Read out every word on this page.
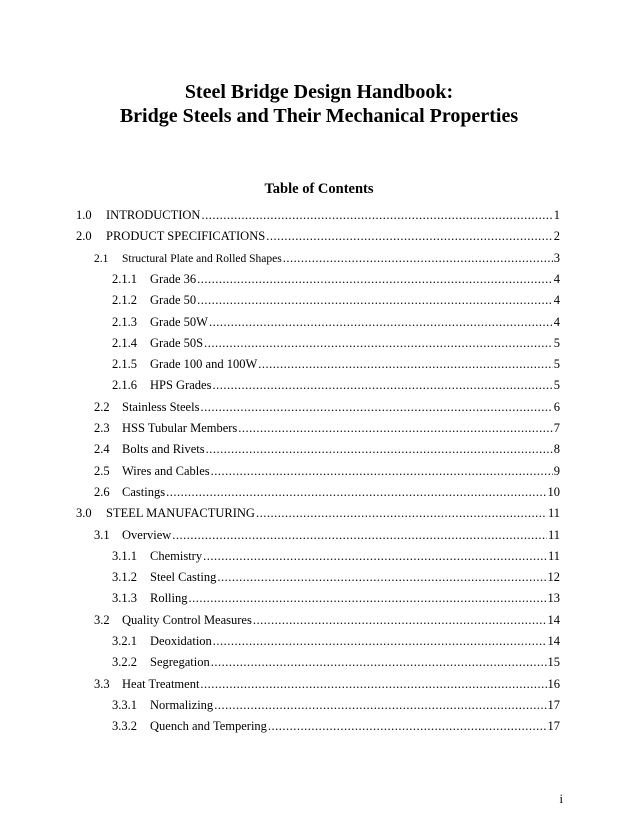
Steel Bridge Design Handbook:
Bridge Steels and Their Mechanical Properties
Table of Contents
1.0	INTRODUCTION .....	1
2.0	PRODUCT SPECIFICATIONS .....	2
2.1	Structural Plate and Rolled Shapes .....	3
2.1.1	Grade 36 .....	4
2.1.2	Grade 50 .....	4
2.1.3	Grade 50W .....	4
2.1.4	Grade 50S .....	5
2.1.5	Grade 100 and 100W .....	5
2.1.6	HPS Grades .....	5
2.2 Stainless Steels .....	6
2.3 HSS Tubular Members .....	7
2.4 Bolts and Rivets .....	8
2.5 Wires and Cables .....	9
2.6 Castings .....	10
3.0	STEEL MANUFACTURING .....	11
3.1 Overview .....	11
3.1.1	Chemistry .....	11
3.1.2	Steel Casting .....	12
3.1.3	Rolling .....	13
3.2 Quality Control Measures .....	14
3.2.1	Deoxidation .....	14
3.2.2	Segregation .....	15
3.3 Heat Treatment .....	16
3.3.1	Normalizing .....	17
3.3.2	Quench and Tempering .....	17
i
